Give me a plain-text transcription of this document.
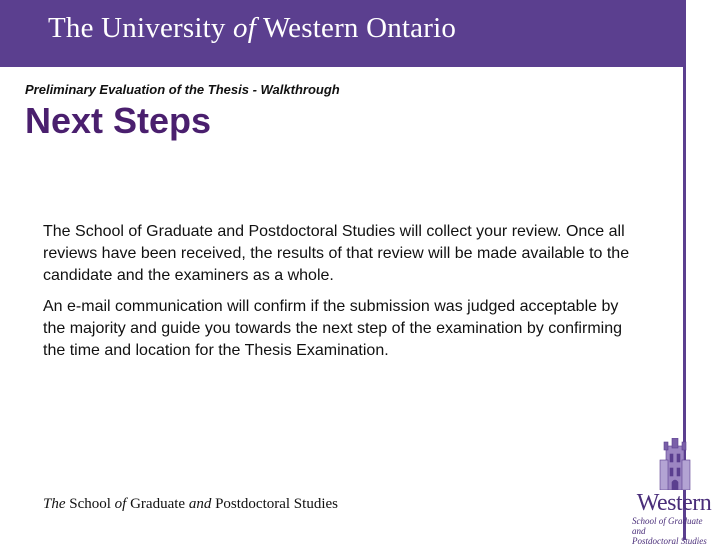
The University of Western Ontario
Preliminary Evaluation of the Thesis - Walkthrough
Next Steps

The School of Graduate and Postdoctoral Studies will collect your review. Once all reviews have been received, the results of that review will be made available to the candidate and the examiners as a whole.

An e-mail communication will confirm if the submission was judged acceptable by the majority and guide you towards the next step of the examination by confirming the time and location for the Thesis Examination.

The School of Graduate and Postdoctoral Studies	Western
School of Graduate and
Postdoctoral Studies
